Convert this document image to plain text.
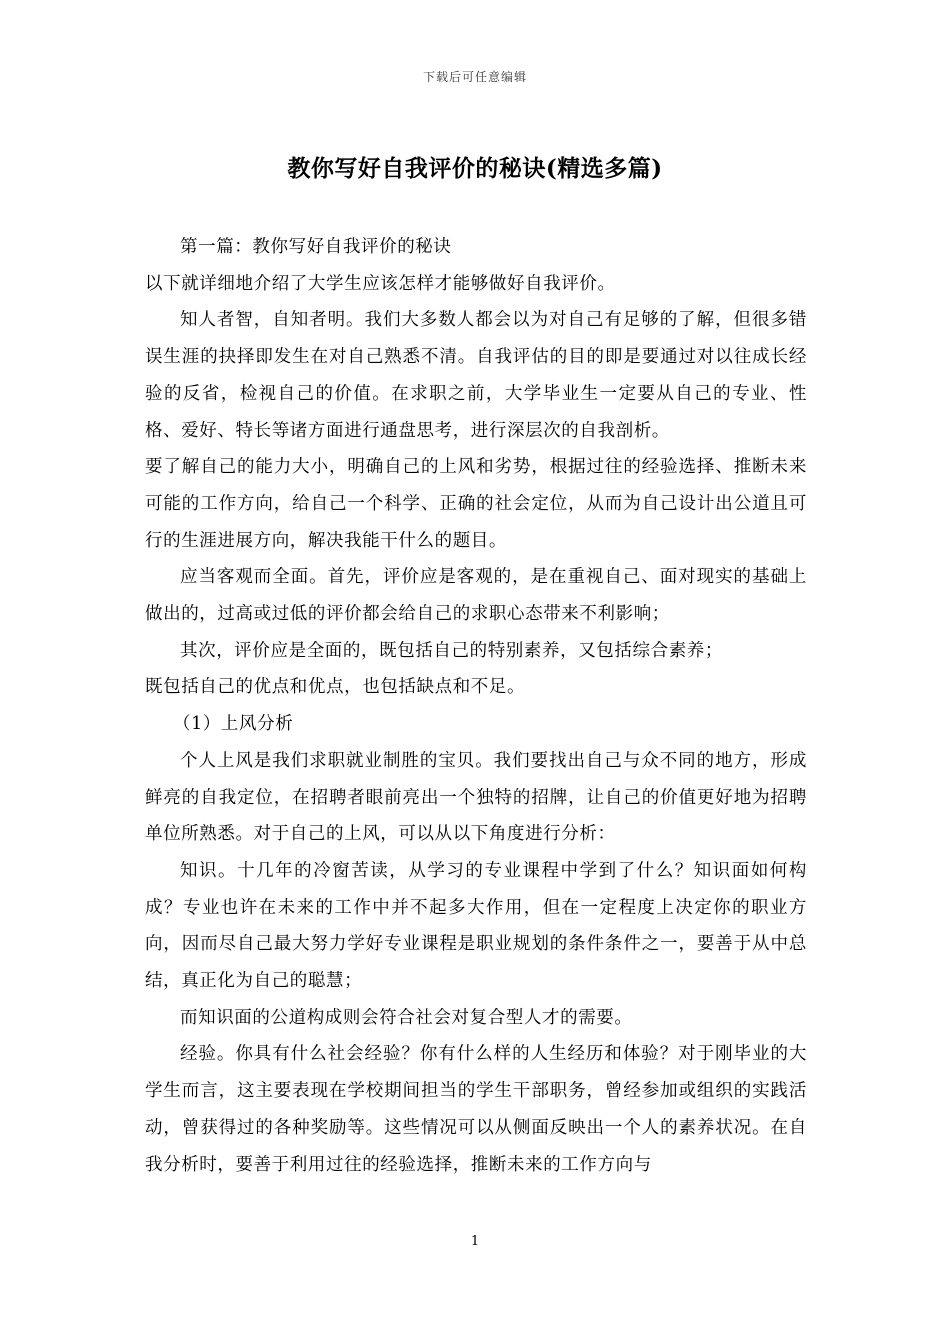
下载后可任意编辑
教你写好自我评价的秘诀(精选多篇)

第一篇：教你写好自我评价的秘诀

以下就详细地介绍了大学生应该怎样才能够做好自我评价。

知人者智，自知者明。我们大多数人都会以为对自己有足够的了解，但很多错误生涯的抉择即发生在对自己熟悉不清。自我评估的目的即是要通过对以往成长经验的反省，检视自己的价值。在求职之前，大学毕业生一定要从自己的专业、性格、爱好、特长等诸方面进行通盘思考，进行深层次的自我剖析。

要了解自己的能力大小，明确自己的上风和劣势，根据过往的经验选择、推断未来可能的工作方向，给自己一个科学、正确的社会定位，从而为自己设计出公道且可行的生涯进展方向，解决我能干什么的题目。

应当客观而全面。首先，评价应是客观的，是在重视自己、面对现实的基础上做出的，过高或过低的评价都会给自己的求职心态带来不利影响；

其次，评价应是全面的，既包括自己的特别素养，又包括综合素养；

既包括自己的优点和优点，也包括缺点和不足。

（1）上风分析

个人上风是我们求职就业制胜的宝贝。我们要找出自己与众不同的地方，形成鲜亮的自我定位，在招聘者眼前亮出一个独特的招牌，让自己的价值更好地为招聘单位所熟悉。对于自己的上风，可以从以下角度进行分析：

知识。十几年的冷窗苦读，从学习的专业课程中学到了什么？知识面如何构成？专业也许在未来的工作中并不起多大作用，但在一定程度上决定你的职业方向，因而尽自己最大努力学好专业课程是职业规划的条件条件之一，要善于从中总结，真正化为自己的聪慧；

而知识面的公道构成则会符合社会对复合型人才的需要。

经验。你具有什么社会经验？你有什么样的人生经历和体验？对于刚毕业的大学生而言，这主要表现在学校期间担当的学生干部职务，曾经参加或组织的实践活动，曾获得过的各种奖励等。这些情况可以从侧面反映出一个人的素养状况。在自我分析时，要善于利用过往的经验选择，推断未来的工作方向与

1
